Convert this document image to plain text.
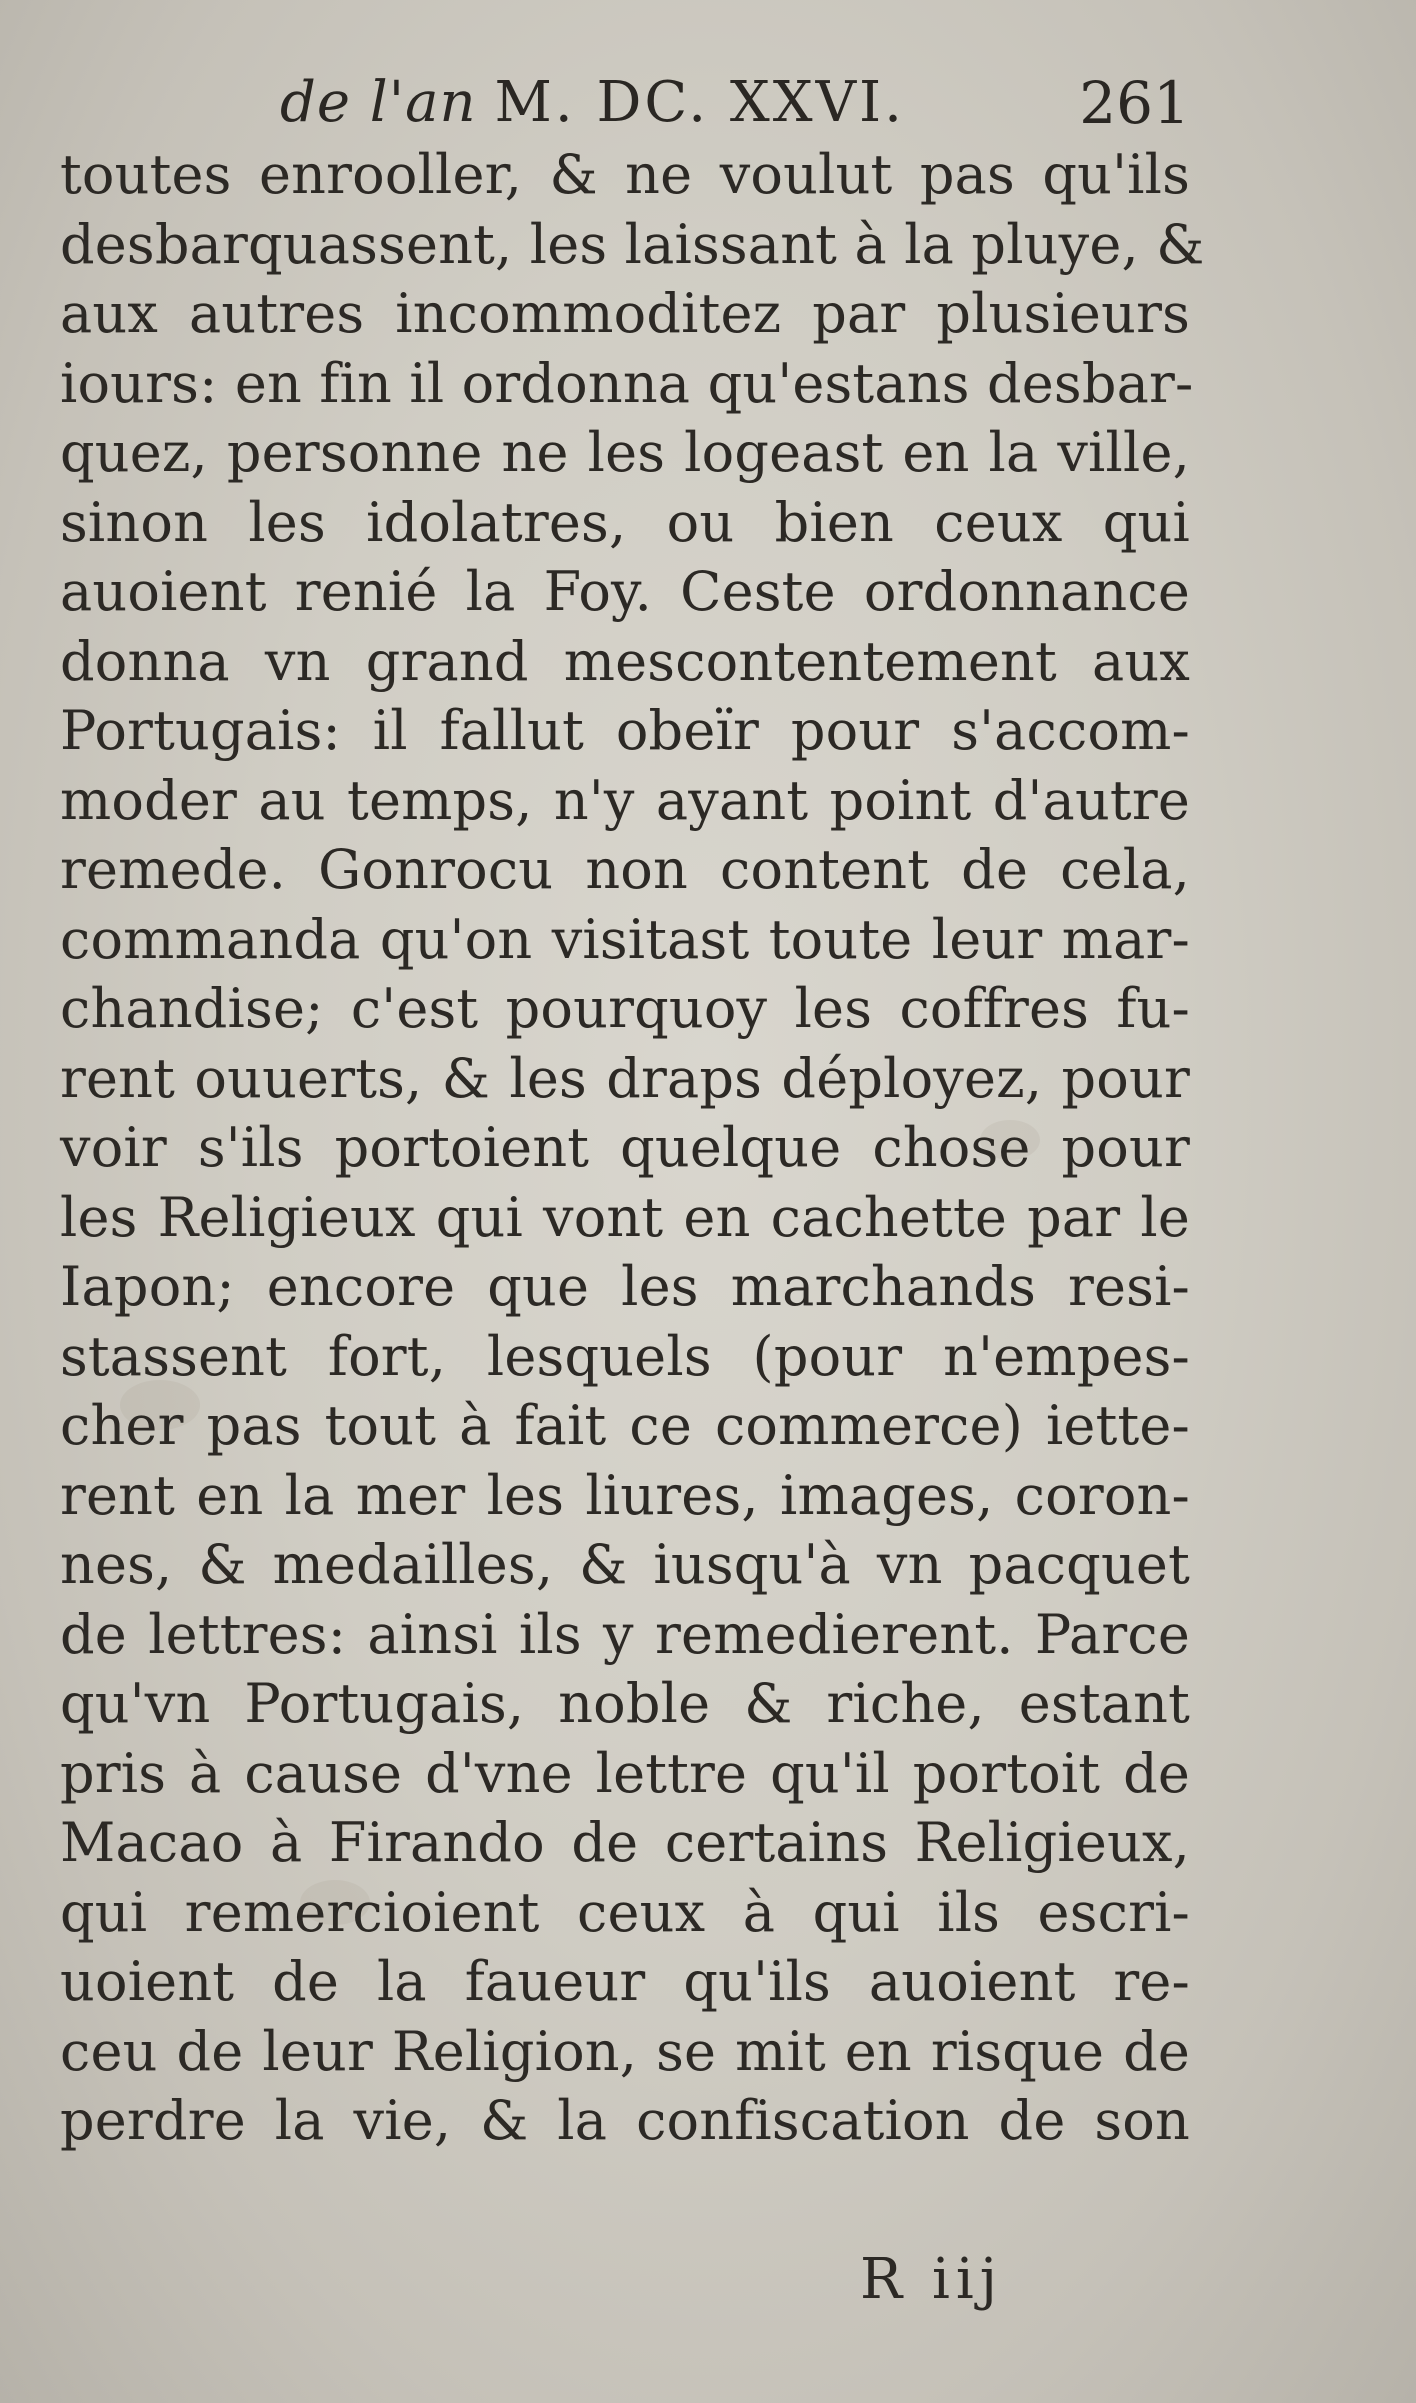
de l'an M. DC. XXVI.	261
toutes enrooller, & ne voulut pas qu'ils
desbarquassent, les laissant à la pluye, &
aux autres incommoditez par plusieurs
iours: en fin il ordonna qu'estans desbar-
quez, personne ne les logeast en la ville,
sinon les idolatres, ou bien ceux qui
auoient renié la Foy. Ceste ordonnance
donna vn grand mescontentement aux
Portugais: il fallut obeïr pour s'accom-
moder au temps, n'y ayant point d'autre
remede. Gonrocu non content de cela,
commanda qu'on visitast toute leur mar-
chandise; c'est pourquoy les coffres fu-
rent ouuerts, & les draps déployez, pour
voir s'ils portoient quelque chose pour
les Religieux qui vont en cachette par le
Iapon; encore que les marchands resi-
stassent fort, lesquels (pour n'empes-
cher pas tout à fait ce commerce) iette-
rent en la mer les liures, images, coron-
nes, & medailles, & iusqu'à vn pacquet
de lettres: ainsi ils y remedierent. Parce
qu'vn Portugais, noble & riche, estant
pris à cause d'vne lettre qu'il portoit de
Macao à Firando de certains Religieux,
qui remercioient ceux à qui ils escri-
uoient de la faueur qu'ils auoient re-
ceu de leur Religion, se mit en risque de
perdre la vie, & la confiscation de son
R iij
